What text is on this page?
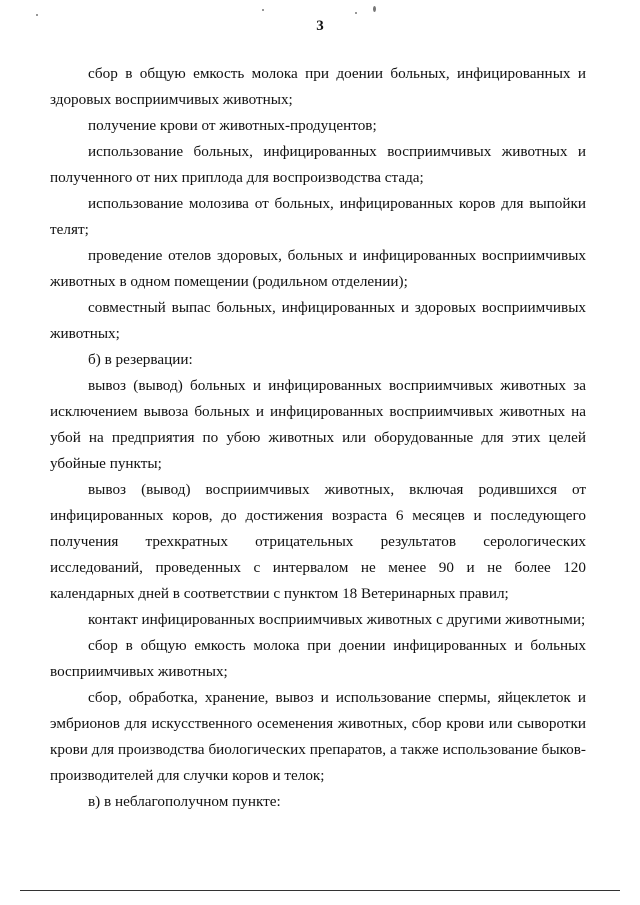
3

сбор в общую емкость молока при доении больных, инфицированных и здоровых восприимчивых животных;

получение крови от животных-продуцентов;

использование больных, инфицированных восприимчивых животных и полученного от них приплода для воспроизводства стада;

использование молозива от больных, инфицированных коров для выпойки телят;

проведение отелов здоровых, больных и инфицированных восприимчивых животных в одном помещении (родильном отделении);

совместный выпас больных, инфицированных и здоровых восприимчивых животных;

б) в резервации:

вывоз (вывод) больных и инфицированных восприимчивых животных за исключением вывоза больных и инфицированных восприимчивых животных на убой на предприятия по убою животных или оборудованные для этих целей убойные пункты;

вывоз (вывод) восприимчивых животных, включая родившихся от инфицированных коров, до достижения возраста 6 месяцев и последующего получения трехкратных отрицательных результатов серологических исследований, проведенных с интервалом не менее 90 и не более 120 календарных дней в соответствии с пунктом 18 Ветеринарных правил;

контакт инфицированных восприимчивых животных с другими животными;

сбор в общую емкость молока при доении инфицированных и больных восприимчивых животных;

сбор, обработка, хранение, вывоз и использование спермы, яйцеклеток и эмбрионов для искусственного осеменения животных, сбор крови или сыворотки крови для производства биологических препаратов, а также использование быков-производителей для случки коров и телок;

в) в неблагополучном пункте:
